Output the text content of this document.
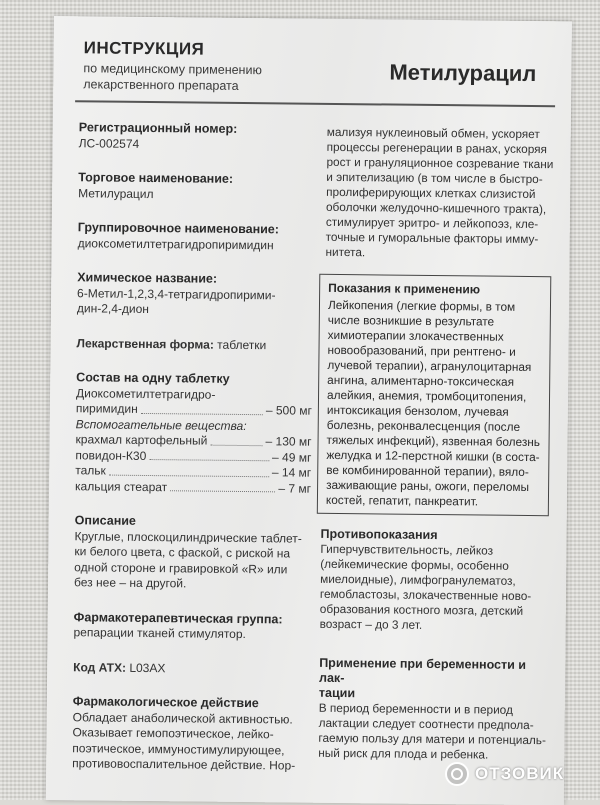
ИНСТРУКЦИЯ
по медицинскому применению
лекарственного препарата	Метилурацил
Регистрационный номер:
ЛС-002574
Торговое наименование:
Метилурацил
Группировочное наименование:
диоксометилтетрагидропиримидин
Химическое название:
6-Метил-1,2,3,4-тетрагидропирими-
дин-2,4-дион
Лекарственная форма: таблетки
Состав на одну таблетку
Диоксометилтетрагидро-
пиримидин	– 500 мг
Вспомогательные вещества:
крахмал картофельный	– 130 мг
повидон-К30	– 49 мг
тальк	– 14 мг
кальция стеарат	– 7 мг
Описание
Круглые, плоскоцилиндрические таблет-
ки белого цвета, с фаской, с риской на
одной стороне и гравировкой «R» или
без нее – на другой.
Фармакотерапевтическая группа:
репарации тканей стимулятор.
Код АТХ: L03AX
Фармакологическое действие
Обладает анаболической активностью.
Оказывает гемопоэтическое, лейко-
поэтическое, иммуностимулирующее,
противовоспалительное действие. Нор-
мализуя нуклеиновый обмен, ускоряет
процессы регенерации в ранах, ускоряя
рост и грануляционное созревание ткани
и эпителизацию (в том числе в быстро-
пролиферирующих клетках слизистой
оболочки желудочно-кишечного тракта),
стимулирует эритро- и лейкопоэз, кле-
точные и гуморальные факторы имму-
нитета.
Показания к применению
Лейкопения (легкие формы, в том
числе возникшие в результате
химиотерапии злокачественных
новообразований, при рентгено- и
лучевой терапии), агранулоцитарная
ангина, алиментарно-токсическая
алейкия, анемия, тромбоцитопения,
интоксикация бензолом, лучевая
болезнь, реконвалесценция (после
тяжелых инфекций), язвенная болезнь
желудка и 12-перстной кишки (в соста-
ве комбинированной терапии), вяло-
заживающие раны, ожоги, переломы
костей, гепатит, панкреатит.
Противопоказания
Гиперчувствительность, лейкоз
(лейкемические формы, особенно
миелоидные), лимфогранулематоз,
гемобластозы, злокачественные ново-
образования костного мозга, детский
возраст – до 3 лет.
Применение при беременности и лак-
тации
В период беременности и в период
лактации следует соотнести предпола-
гаемую пользу для матери и потенциаль-
ный риск для плода и ребенка.
ОТЗОВИК
